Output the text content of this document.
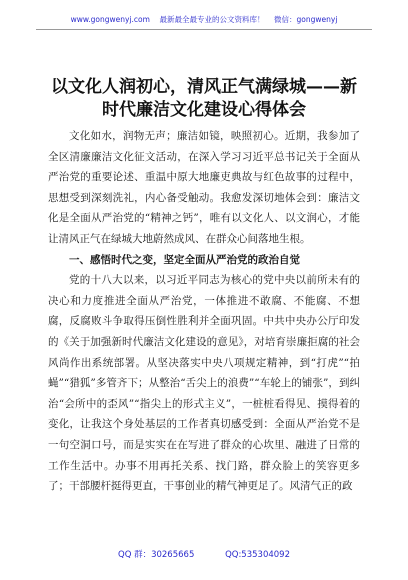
www.gongwenyj.com 最新最全最专业的公文资料库！ 微信：gongwenyj
以文化人润初心，清风正气满绿城——新
时代廉洁文化建设心得体会

文化如水，润物无声；廉洁如镜，映照初心。近期，我参加了全区清廉廉洁文化征文活动，在深入学习习近平总书记关于全面从严治党的重要论述、重温中原大地廉吏典故与红色故事的过程中，思想受到深刻洗礼，内心备受触动。我愈发深切地体会到：廉洁文化是全面从严治党的“精神之钙”，唯有以文化人、以文润心，才能让清风正气在绿城大地蔚然成风、在群众心间落地生根。

一、感悟时代之变，坚定全面从严治党的政治自觉

党的十八大以来，以习近平同志为核心的党中央以前所未有的决心和力度推进全面从严治党，一体推进不敢腐、不能腐、不想腐，反腐败斗争取得压倒性胜利并全面巩固。中共中央办公厅印发的《关于加强新时代廉洁文化建设的意见》，对培育崇廉拒腐的社会风尚作出系统部署。从坚决落实中央八项规定精神，到“打虎”“拍蝇”“猎狐”多管齐下；从整治“舌尖上的浪费”“车轮上的铺张”，到纠治“会所中的歪风”“指尖上的形式主义”，一桩桩看得见、摸得着的变化，让我这个身处基层的工作者真切感受到：全面从严治党不是一句空洞口号，而是实实在在写进了群众的心坎里、融进了日常的工作生活中。办事不用再托关系、找门路，群众脸上的笑容更多了；干部腰杆挺得更直，干事创业的精气神更足了。风清气正的政

QQ 群：30265665	QQ:535304092
